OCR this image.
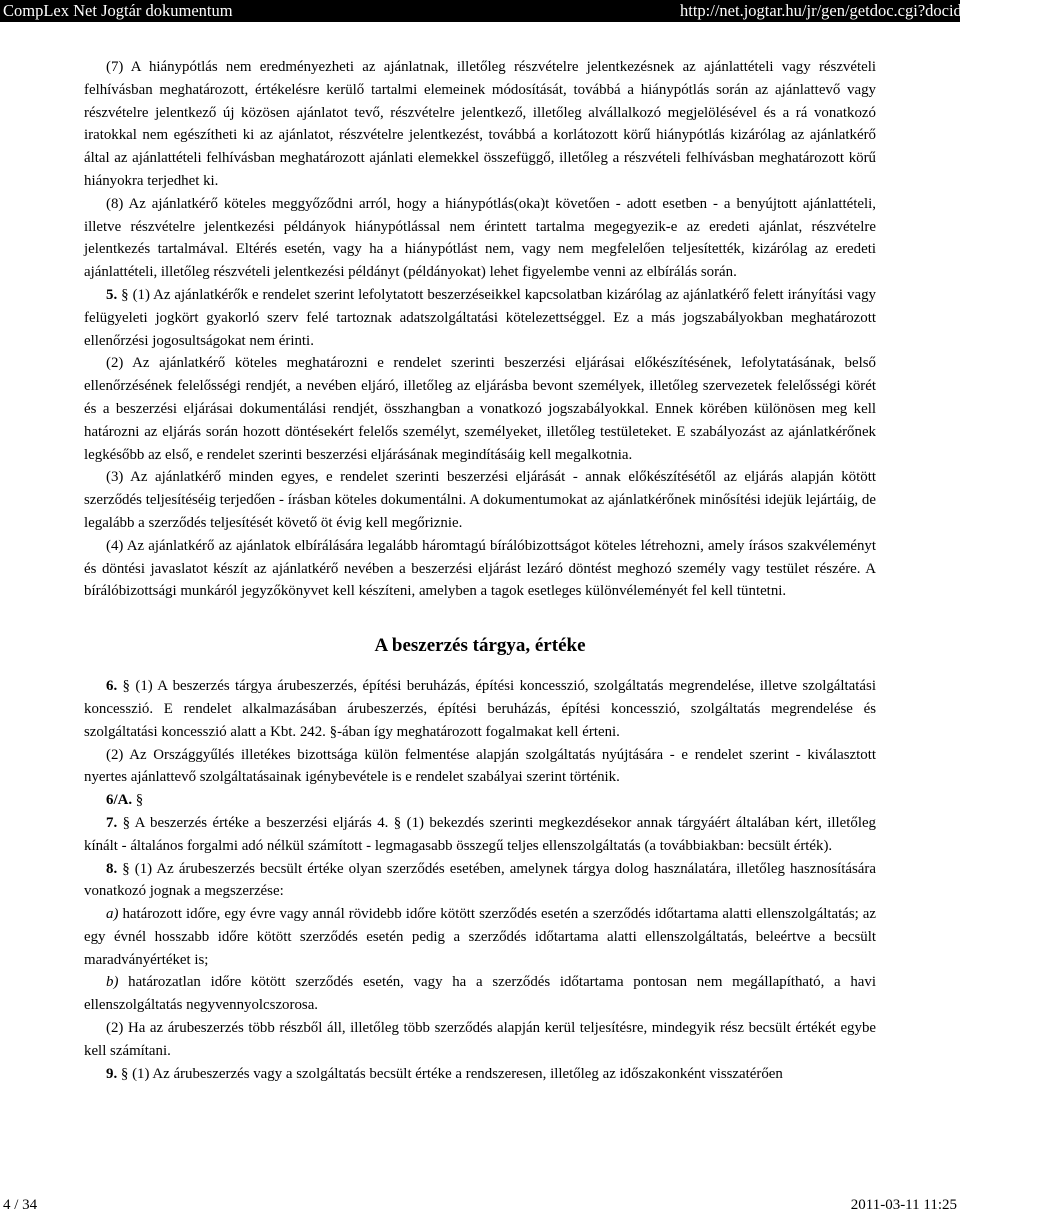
CompLex Net Jogtár dokumentum	http://net.jogtar.hu/jr/gen/getdoc.cgi?docid=a0400143.kor

(7) A hiánypótlás nem eredményezheti az ajánlatnak, illetőleg részvételre jelentkezésnek az ajánlattételi vagy részvételi felhívásban meghatározott, értékelésre kerülő tartalmi elemeinek módosítását, továbbá a hiánypótlás során az ajánlattevő vagy részvételre jelentkező új közösen ajánlatot tevő, részvételre jelentkező, illetőleg alvállalkozó megjelölésével és a rá vonatkozó iratokkal nem egészítheti ki az ajánlatot, részvételre jelentkezést, továbbá a korlátozott körű hiánypótlás kizárólag az ajánlatkérő által az ajánlattételi felhívásban meghatározott ajánlati elemekkel összefüggő, illetőleg a részvételi felhívásban meghatározott körű hiányokra terjedhet ki.

(8) Az ajánlatkérő köteles meggyőződni arról, hogy a hiánypótlás(oka)t követően - adott esetben - a benyújtott ajánlattételi, illetve részvételre jelentkezési példányok hiánypótlással nem érintett tartalma megegyezik-e az eredeti ajánlat, részvételre jelentkezés tartalmával. Eltérés esetén, vagy ha a hiánypótlást nem, vagy nem megfelelően teljesítették, kizárólag az eredeti ajánlattételi, illetőleg részvételi jelentkezési példányt (példányokat) lehet figyelembe venni az elbírálás során.

5. § (1) Az ajánlatkérők e rendelet szerint lefolytatott beszerzéseikkel kapcsolatban kizárólag az ajánlatkérő felett irányítási vagy felügyeleti jogkört gyakorló szerv felé tartoznak adatszolgáltatási kötelezettséggel. Ez a más jogszabályokban meghatározott ellenőrzési jogosultságokat nem érinti.

(2) Az ajánlatkérő köteles meghatározni e rendelet szerinti beszerzési eljárásai előkészítésének, lefolytatásának, belső ellenőrzésének felelősségi rendjét, a nevében eljáró, illetőleg az eljárásba bevont személyek, illetőleg szervezetek felelősségi körét és a beszerzési eljárásai dokumentálási rendjét, összhangban a vonatkozó jogszabályokkal. Ennek körében különösen meg kell határozni az eljárás során hozott döntésekért felelős személyt, személyeket, illetőleg testületeket. E szabályozást az ajánlatkérőnek legkésőbb az első, e rendelet szerinti beszerzési eljárásának megindításáig kell megalkotnia.

(3) Az ajánlatkérő minden egyes, e rendelet szerinti beszerzési eljárását - annak előkészítésétől az eljárás alapján kötött szerződés teljesítéséig terjedően - írásban köteles dokumentálni. A dokumentumokat az ajánlatkérőnek minősítési idejük lejártáig, de legalább a szerződés teljesítését követő öt évig kell megőriznie.

(4) Az ajánlatkérő az ajánlatok elbírálására legalább háromtagú bírálóbizottságot köteles létrehozni, amely írásos szakvéleményt és döntési javaslatot készít az ajánlatkérő nevében a beszerzési eljárást lezáró döntést meghozó személy vagy testület részére. A bírálóbizottsági munkáról jegyzőkönyvet kell készíteni, amelyben a tagok esetleges különvéleményét fel kell tüntetni.

A beszerzés tárgya, értéke

6. § (1) A beszerzés tárgya árubeszerzés, építési beruházás, építési koncesszió, szolgáltatás megrendelése, illetve szolgáltatási koncesszió. E rendelet alkalmazásában árubeszerzés, építési beruházás, építési koncesszió, szolgáltatás megrendelése és szolgáltatási koncesszió alatt a Kbt. 242. §-ában így meghatározott fogalmakat kell érteni.

(2) Az Országgyűlés illetékes bizottsága külön felmentése alapján szolgáltatás nyújtására - e rendelet szerint - kiválasztott nyertes ajánlattevő szolgáltatásainak igénybevétele is e rendelet szabályai szerint történik.

6/A. §

7. § A beszerzés értéke a beszerzési eljárás 4. § (1) bekezdés szerinti megkezdésekor annak tárgyáért általában kért, illetőleg kínált - általános forgalmi adó nélkül számított - legmagasabb összegű teljes ellenszolgáltatás (a továbbiakban: becsült érték).

8. § (1) Az árubeszerzés becsült értéke olyan szerződés esetében, amelynek tárgya dolog használatára, illetőleg hasznosítására vonatkozó jognak a megszerzése:

a) határozott időre, egy évre vagy annál rövidebb időre kötött szerződés esetén a szerződés időtartama alatti ellenszolgáltatás; az egy évnél hosszabb időre kötött szerződés esetén pedig a szerződés időtartama alatti ellenszolgáltatás, beleértve a becsült maradványértéket is;

b) határozatlan időre kötött szerződés esetén, vagy ha a szerződés időtartama pontosan nem megállapítható, a havi ellenszolgáltatás negyvennyolcszorosa.

(2) Ha az árubeszerzés több részből áll, illetőleg több szerződés alapján kerül teljesítésre, mindegyik rész becsült értékét egybe kell számítani.

9. § (1) Az árubeszerzés vagy a szolgáltatás becsült értéke a rendszeresen, illetőleg az időszakonként visszatérően

4 / 34	2011-03-11 11:25
